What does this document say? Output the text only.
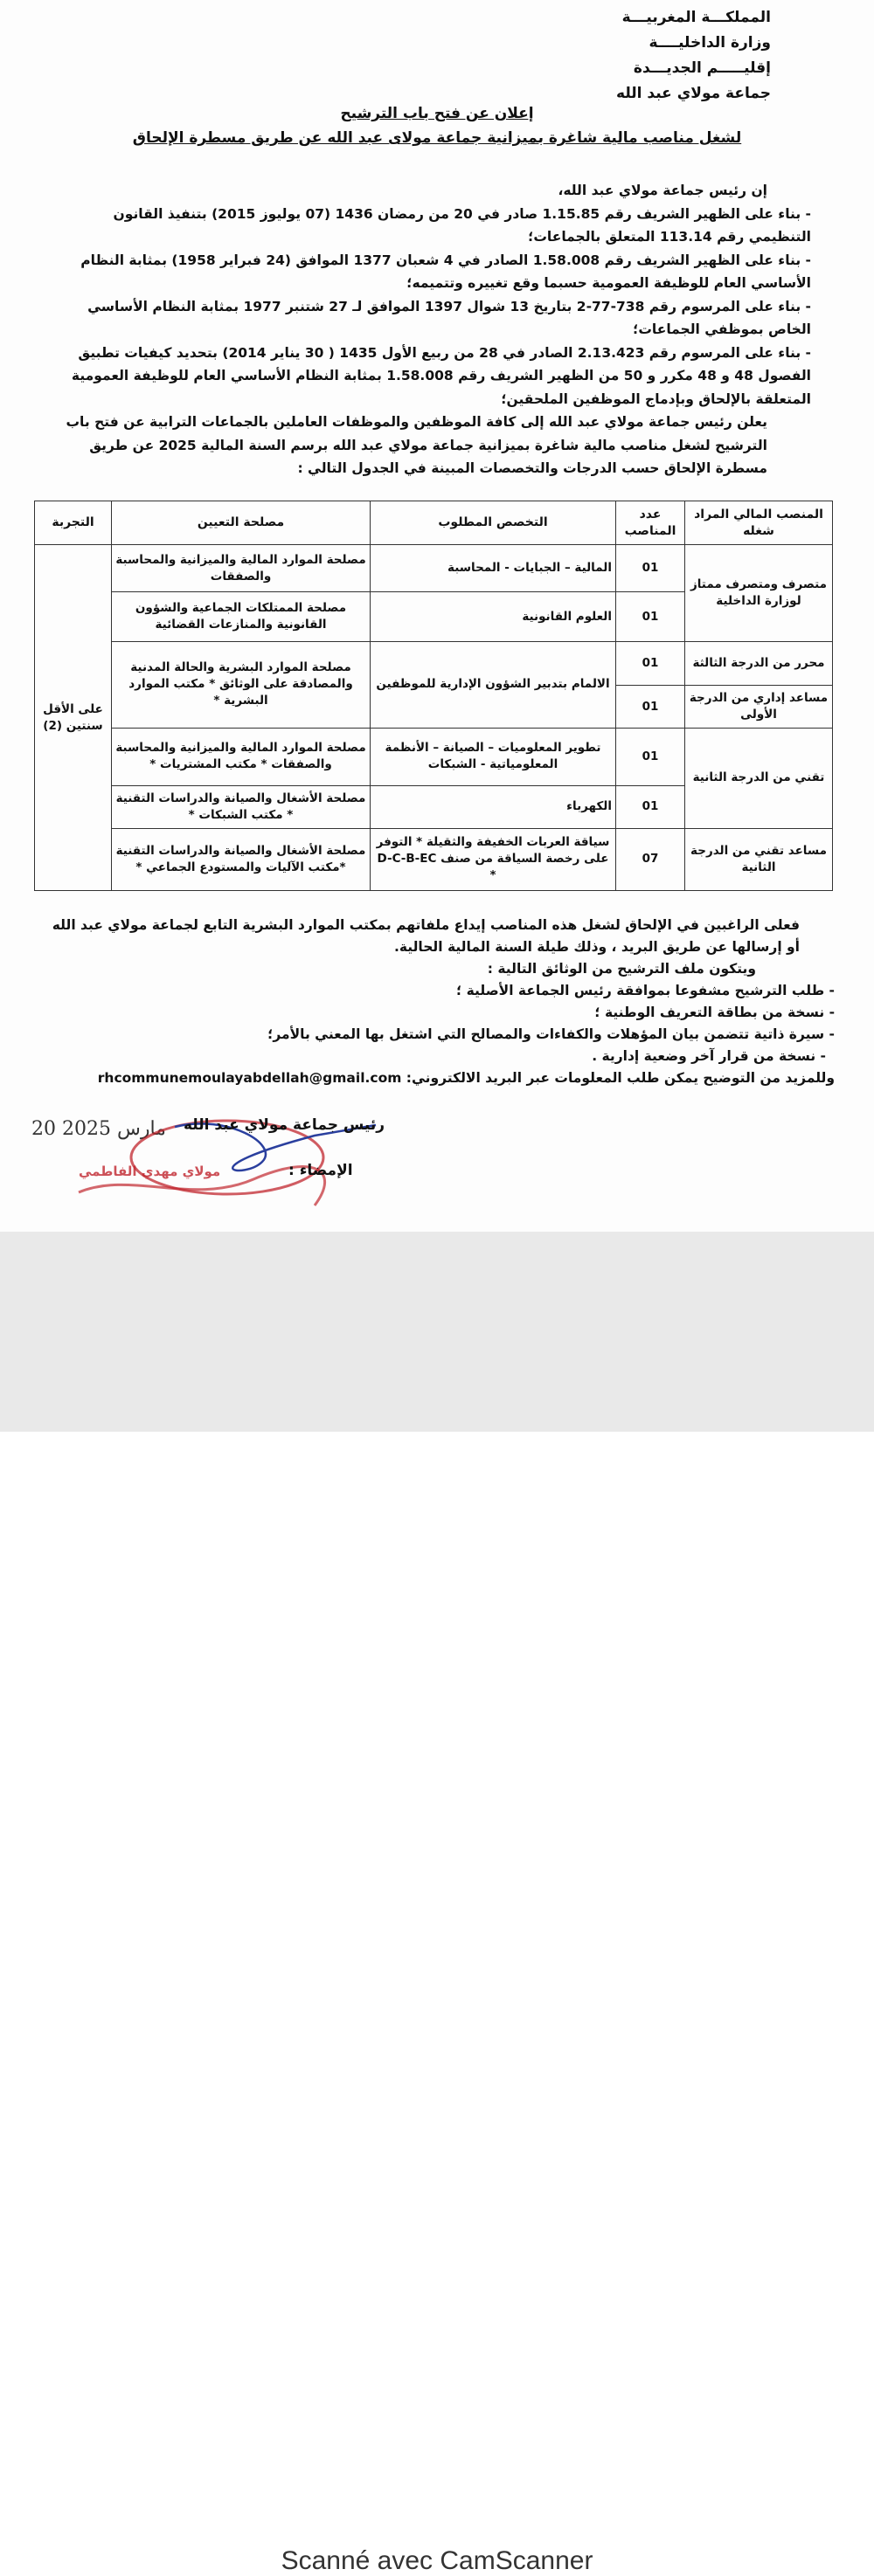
المملكـــة المغربيـــة
وزارة الداخليــــة
إقليـــــم الجديـــدة
جماعة مولاي عبد الله
إعلان عن فتح باب الترشيح
لشغل مناصب مالية شاغرة بميزانية جماعة مولاى عبد الله عن طريق مسطرة الإلحاق

إن رئيس جماعة مولاي عبد الله،

- بناء على الظهير الشريف رقم 1.15.85 صادر في 20 من رمضان 1436 (07 يوليوز 2015) بتنفيذ القانون التنظيمي رقم 113.14 المتعلق بالجماعات؛

- بناء على الظهير الشريف رقم 1.58.008 الصادر في 4 شعبان 1377 الموافق (24 فبراير 1958) بمثابة النظام الأساسي العام للوظيفة العمومية حسبما وقع تغييره وتتميمه؛

- بناء على المرسوم رقم 738-77-2 بتاريخ 13 شوال 1397 الموافق لـ 27 شتنبر 1977 بمثابة النظام الأساسي الخاص بموظفي الجماعات؛

- بناء على المرسوم رقم 2.13.423 الصادر في 28 من ربيع الأول 1435 ( 30 يناير 2014) بتحديد كيفيات تطبيق الفصول 48 و 48 مكرر و 50 من الظهير الشريف رقم 1.58.008 بمثابة النظام الأساسي العام للوظيفة العمومية المتعلقة بالإلحاق وبإدماج الموظفين الملحقين؛

يعلن رئيس جماعة مولاي عبد الله إلى كافة الموظفين والموظفات العاملين بالجماعات الترابية عن فتح باب الترشيح لشغل مناصب مالية شاغرة بميزانية جماعة مولاي عبد الله برسم السنة المالية 2025 عن طريق مسطرة الإلحاق حسب الدرجات والتخصصات المبينة في الجدول التالي :

المنصب المالي المراد شغله	عدد المناصب	التخصص المطلوب	مصلحة التعيين	التجربة
متصرف ومتصرف ممتاز لوزارة الداخلية	01	المالية – الجبايات - المحاسبة	مصلحة الموارد المالية والميزانية والمحاسبة والصفقات	على الأقل سنتين (2)
	01	العلوم القانونية	مصلحة الممتلكات الجماعية والشؤون القانونية والمنازعات القضائية	
محرر من الدرجة الثالثة	01	الالمام بتدبير الشؤون الإدارية للموظفين	مصلحة الموارد البشرية والحالة المدنية والمصادقة على الوثائق * مكتب الموارد البشرية *	
مساعد إداري من الدرجة الأولى	01			
تقني من الدرجة الثانية	01	تطوير المعلوميات – الصيانة – الأنظمة المعلومياتية - الشبكات	مصلحة الموارد المالية والميزانية والمحاسبة والصفقات * مكتب المشتريات *	
	01	الكهرباء	مصلحة الأشغال والصيانة والدراسات التقنية * مكتب الشبكات *	
مساعد تقني من الدرجة الثانية	07	سياقة العربات الخفيفة والثقيلة * التوفر على رخصة السياقة من صنف D-C-B-EC *	مصلحة الأشغال والصيانة والدراسات التقنية *مكتب الآليات والمستودع الجماعي *	

فعلى الراغبين في الإلحاق لشغل هذه المناصب إيداع ملفاتهم بمكتب الموارد البشرية التابع لجماعة مولاي عبد الله أو إرسالها عن طريق البريد ، وذلك طيلة السنة المالية الحالية.

ويتكون ملف الترشيح من الوثائق التالية :

- طلب الترشيح مشفوعا بموافقة رئيس الجماعة الأصلية ؛

- نسخة من بطاقة التعريف الوطنية ؛

- سيرة ذاتية تتضمن بيان المؤهلات والكفاءات والمصالح التي اشتغل بها المعني بالأمر؛

- نسخة من قرار آخر وضعية إدارية .

وللمزيد من التوضيح يمكن طلب المعلومات عبر البريد الالكتروني: rhcommunemoulayabdellah@gmail.com

20 مارس 2025 رئيس جماعة مولاي عبد الله
الإمضاء :
مولاي مهدي الفاطمي
Scanné avec CamScanner
